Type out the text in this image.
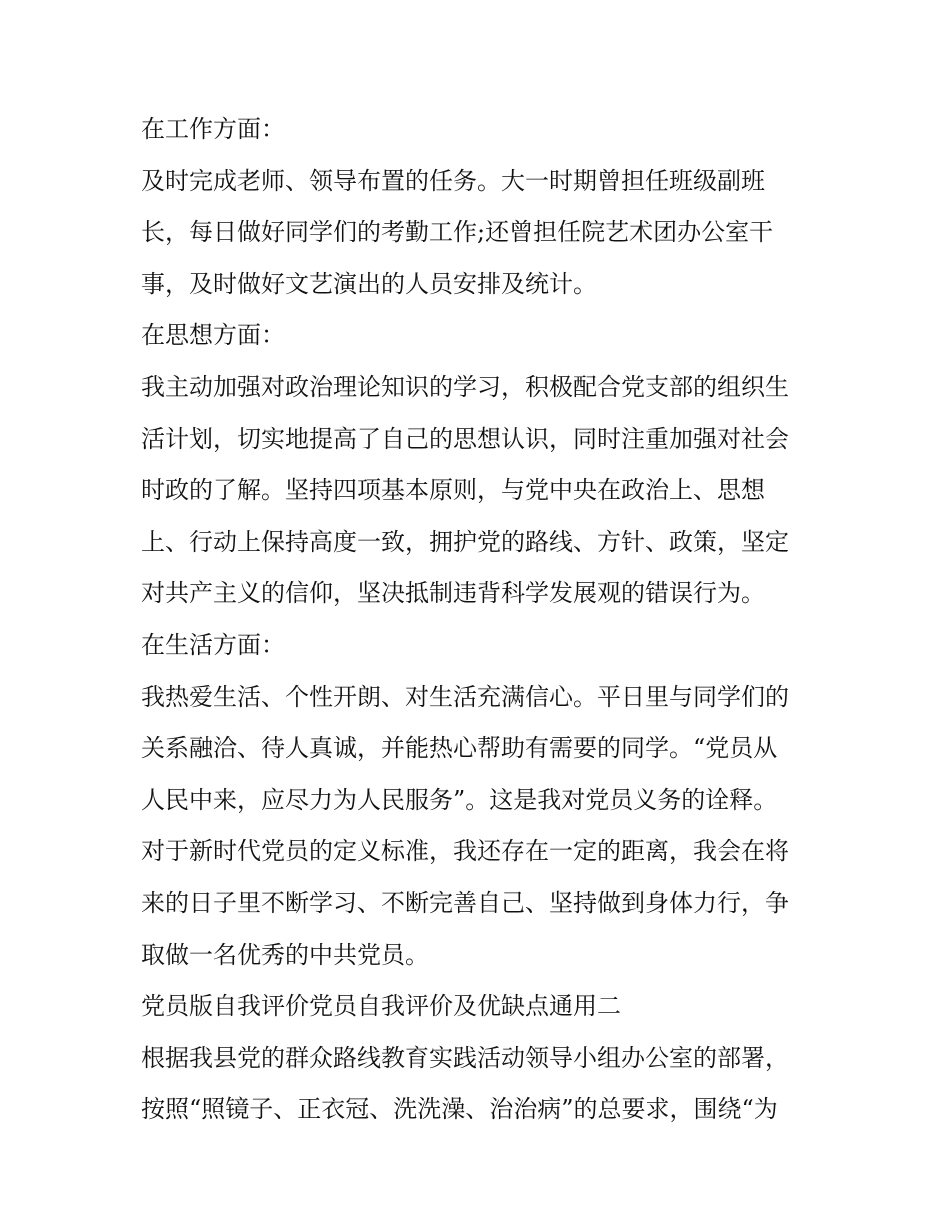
在工作方面：

及时完成老师、领导布置的任务。大一时期曾担任班级副班

长，每日做好同学们的考勤工作;还曾担任院艺术团办公室干

事，及时做好文艺演出的人员安排及统计。

在思想方面：

我主动加强对政治理论知识的学习，积极配合党支部的组织生

活计划，切实地提高了自己的思想认识，同时注重加强对社会

时政的了解。坚持四项基本原则，与党中央在政治上、思想

上、行动上保持高度一致，拥护党的路线、方针、政策，坚定

对共产主义的信仰，坚决抵制违背科学发展观的错误行为。

在生活方面：

我热爱生活、个性开朗、对生活充满信心。平日里与同学们的

关系融洽、待人真诚，并能热心帮助有需要的同学。“党员从

人民中来，应尽力为人民服务”。这是我对党员义务的诠释。

对于新时代党员的定义标准，我还存在一定的距离，我会在将

来的日子里不断学习、不断完善自己、坚持做到身体力行，争

取做一名优秀的中共党员。

党员版自我评价党员自我评价及优缺点通用二

根据我县党的群众路线教育实践活动领导小组办公室的部署，

按照“照镜子、正衣冠、洗洗澡、治治病”的总要求，围绕“为
